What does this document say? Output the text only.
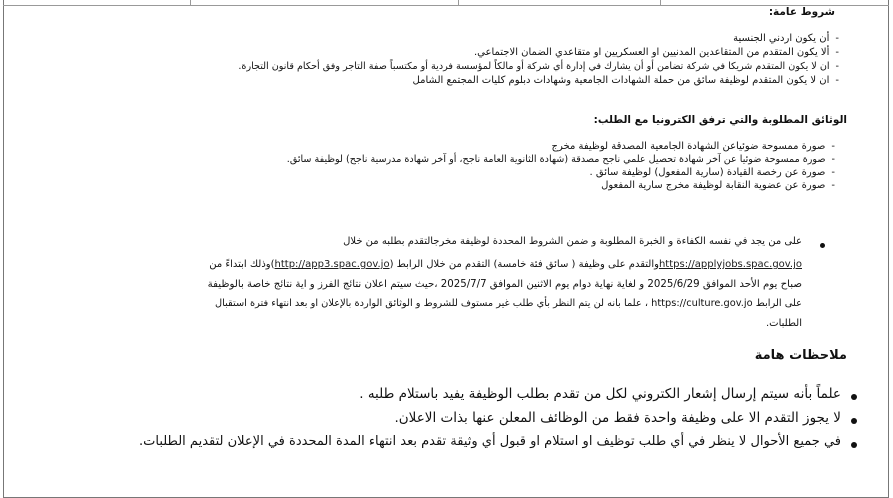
شروط عامة:
- أن يكون اردني الجنسية
- ألا يكون المتقدم من المتقاعدين المدنيين او العسكريين او متقاعدي الضمان الاجتماعي.
- ان لا يكون المتقدم شريكا في شركة تضامن أو أن يشارك في إدارة أي شركة أو مالكاً لمؤسسة فردية أو مكتسباً صفة التاجر وفق أحكام قانون التجارة.
- ان لا يكون المتقدم لوظيفة سائق من حملة الشهادات الجامعية وشهادات دبلوم كليات المجتمع الشامل
الوثائق المطلوبة والتي ترفق الكترونيا مع الطلب:
- صورة ممسوحة ضوئياعن الشهادة الجامعية المصدقة لوظيفة مخرج
- صورة ممسوحة ضوئيا عن آخر شهادة تحصيل علمي ناجح مصدقة (شهادة الثانوية العامة ناجح، أو آخر شهادة مدرسية ناجح) لوظيفة سائق.
- صورة عن رخصة القيادة (سارية المفعول) لوظيفة سائق .
- صورة عن عضوية النقابة لوظيفة مخرج سارية المفعول
على من يجد في نفسه الكفاءة و الخبرة المطلوبة و ضمن الشروط المحددة لوظيفة مخرجالتقدم بطلبه من خلال
https://applyjobs.spac.gov.joوالتقدم على وظيفة ( سائق فئة خامسة) التقدم من خلال الرابط (http://app3.spac.gov.jo)وذلك ابتداءً من
صباح يوم الأحد الموافق 2025/6/29 و لغاية نهاية دوام يوم الاثنين الموافق 2025/7/7 ،حيث سيتم اعلان نتائج الفرز و اية نتائج خاصة بالوظيفة
على الرابط https://culture.gov.jo ، علما بانه لن يتم النظر بأي طلب غير مستوف للشروط و الوثائق الواردة بالإعلان او بعد انتهاء فترة استقبال
الطلبات.
ملاحظات هامة
علماً بأنه سيتم إرسال إشعار الكتروني لكل من تقدم بطلب الوظيفة يفيد باستلام طلبه .
لا يجوز التقدم الا على وظيفة واحدة فقط من الوظائف المعلن عنها بذات الاعلان.
في جميع الأحوال لا ينظر في أي طلب توظيف او استلام او قبول أي وثيقة تقدم بعد انتهاء المدة المحددة في الإعلان لتقديم الطلبات.
